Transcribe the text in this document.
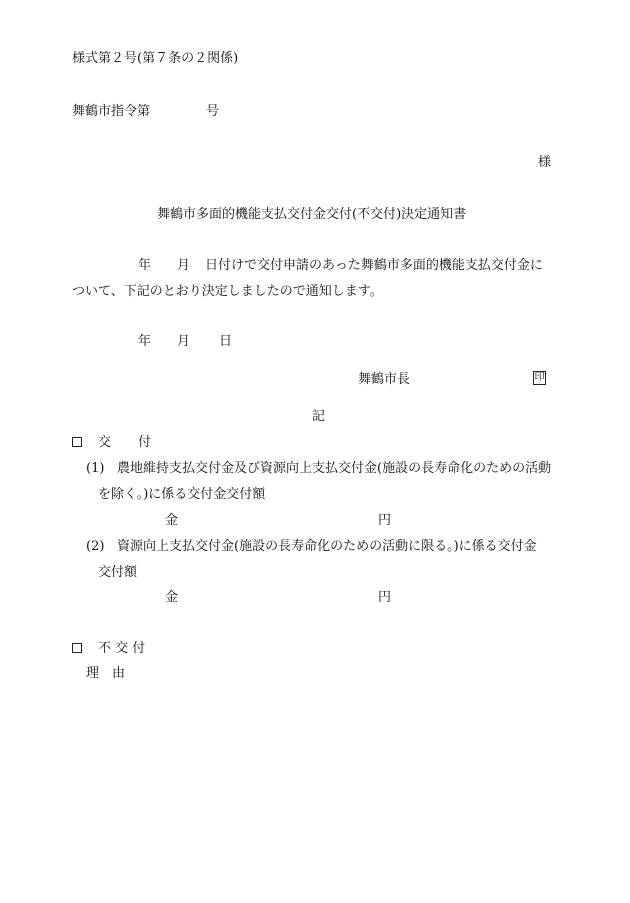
様式第２号(第７条の２関係)
舞鶴市指令第	号
様
舞鶴市多面的機能支払交付金交付(不交付)決定通知書
年 月 日付けで交付申請のあった舞鶴市多面的機能支払交付金に
ついて、下記のとおり決定しましたので通知します。
年 月 日
舞鶴市長	印
記
交 付
(1) 農地維持支払交付金及び資源向上支払交付金(施設の長寿命化のための活動
を除く。)に係る交付金交付額
金	円
(2) 資源向上支払交付金(施設の長寿命化のための活動に限る。)に係る交付金
交付額
金	円
不 交 付
理 由
